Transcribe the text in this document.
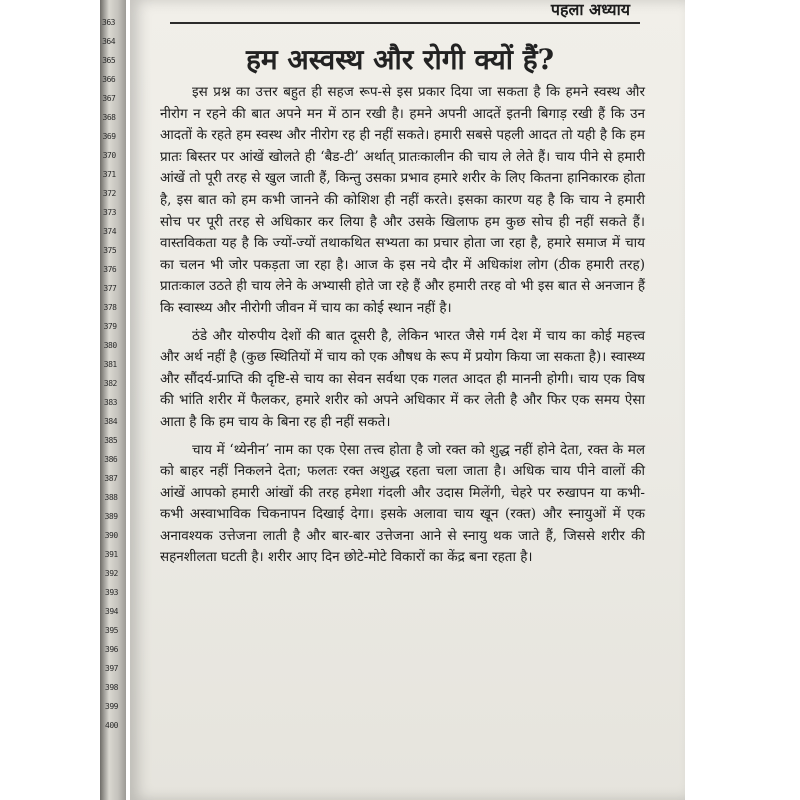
363
364
365
366
367
368
369
370
371
372
373
374
375
376
377
378
379
380
381
382
383
384
385
386
387
388
389
390
391
392
393
394
395
396
397
398
399
400
पहला अध्याय
हम अस्वस्थ और रोगी क्यों हैं?

इस प्रश्न का उत्तर बहुत ही सहज रूप-से इस प्रकार दिया जा सकता है कि हमने स्वस्थ और नीरोग न रहने की बात अपने मन में ठान रखी है। हमने अपनी आदतें इतनी बिगाड़ रखी हैं कि उन आदतों के रहते हम स्वस्थ और नीरोग रह ही नहीं सकते। हमारी सबसे पहली आदत तो यही है कि हम प्रातः बिस्तर पर आंखें खोलते ही ‘बैड-टी’ अर्थात् प्रातःकालीन की चाय ले लेते हैं। चाय पीने से हमारी आंखें तो पूरी तरह से खुल जाती हैं, किन्तु उसका प्रभाव हमारे शरीर के लिए कितना हानिकारक होता है, इस बात को हम कभी जानने की कोशिश ही नहीं करते। इसका कारण यह है कि चाय ने हमारी सोच पर पूरी तरह से अधिकार कर लिया है और उसके खिलाफ हम कुछ सोच ही नहीं सकते हैं। वास्तविकता यह है कि ज्यों-ज्यों तथाकथित सभ्यता का प्रचार होता जा रहा है, हमारे समाज में चाय का चलन भी जोर पकड़ता जा रहा है। आज के इस नये दौर में अधिकांश लोग (ठीक हमारी तरह) प्रातःकाल उठते ही चाय लेने के अभ्यासी होते जा रहे हैं और हमारी तरह वो भी इस बात से अनजान हैं कि स्वास्थ्य और नीरोगी जीवन में चाय का कोई स्थान नहीं है।

ठंडे और योरुपीय देशों की बात दूसरी है, लेकिन भारत जैसे गर्म देश में चाय का कोई महत्त्व और अर्थ नहीं है (कुछ स्थितियों में चाय को एक औषध के रूप में प्रयोग किया जा सकता है)। स्वास्थ्य और सौंदर्य-प्राप्ति की दृष्टि-से चाय का सेवन सर्वथा एक गलत आदत ही माननी होगी। चाय एक विष की भांति शरीर में फैलकर, हमारे शरीर को अपने अधिकार में कर लेती है और फिर एक समय ऐसा आता है कि हम चाय के बिना रह ही नहीं सकते।

चाय में ‘थ्येनीन’ नाम का एक ऐसा तत्त्व होता है जो रक्त को शुद्ध नहीं होने देता, रक्त के मल को बाहर नहीं निकलने देता; फलतः रक्त अशुद्ध रहता चला जाता है। अधिक चाय पीने वालों की आंखें आपको हमारी आंखों की तरह हमेशा गंदली और उदास मिलेंगी, चेहरे पर रुखापन या कभी-कभी अस्वाभाविक चिकनापन दिखाई देगा। इसके अलावा चाय खून (रक्त) और स्नायुओं में एक अनावश्यक उत्तेजना लाती है और बार-बार उत्तेजना आने से स्नायु थक जाते हैं, जिससे शरीर की सहनशीलता घटती है। शरीर आए दिन छोटे-मोटे विकारों का केंद्र बना रहता है।
